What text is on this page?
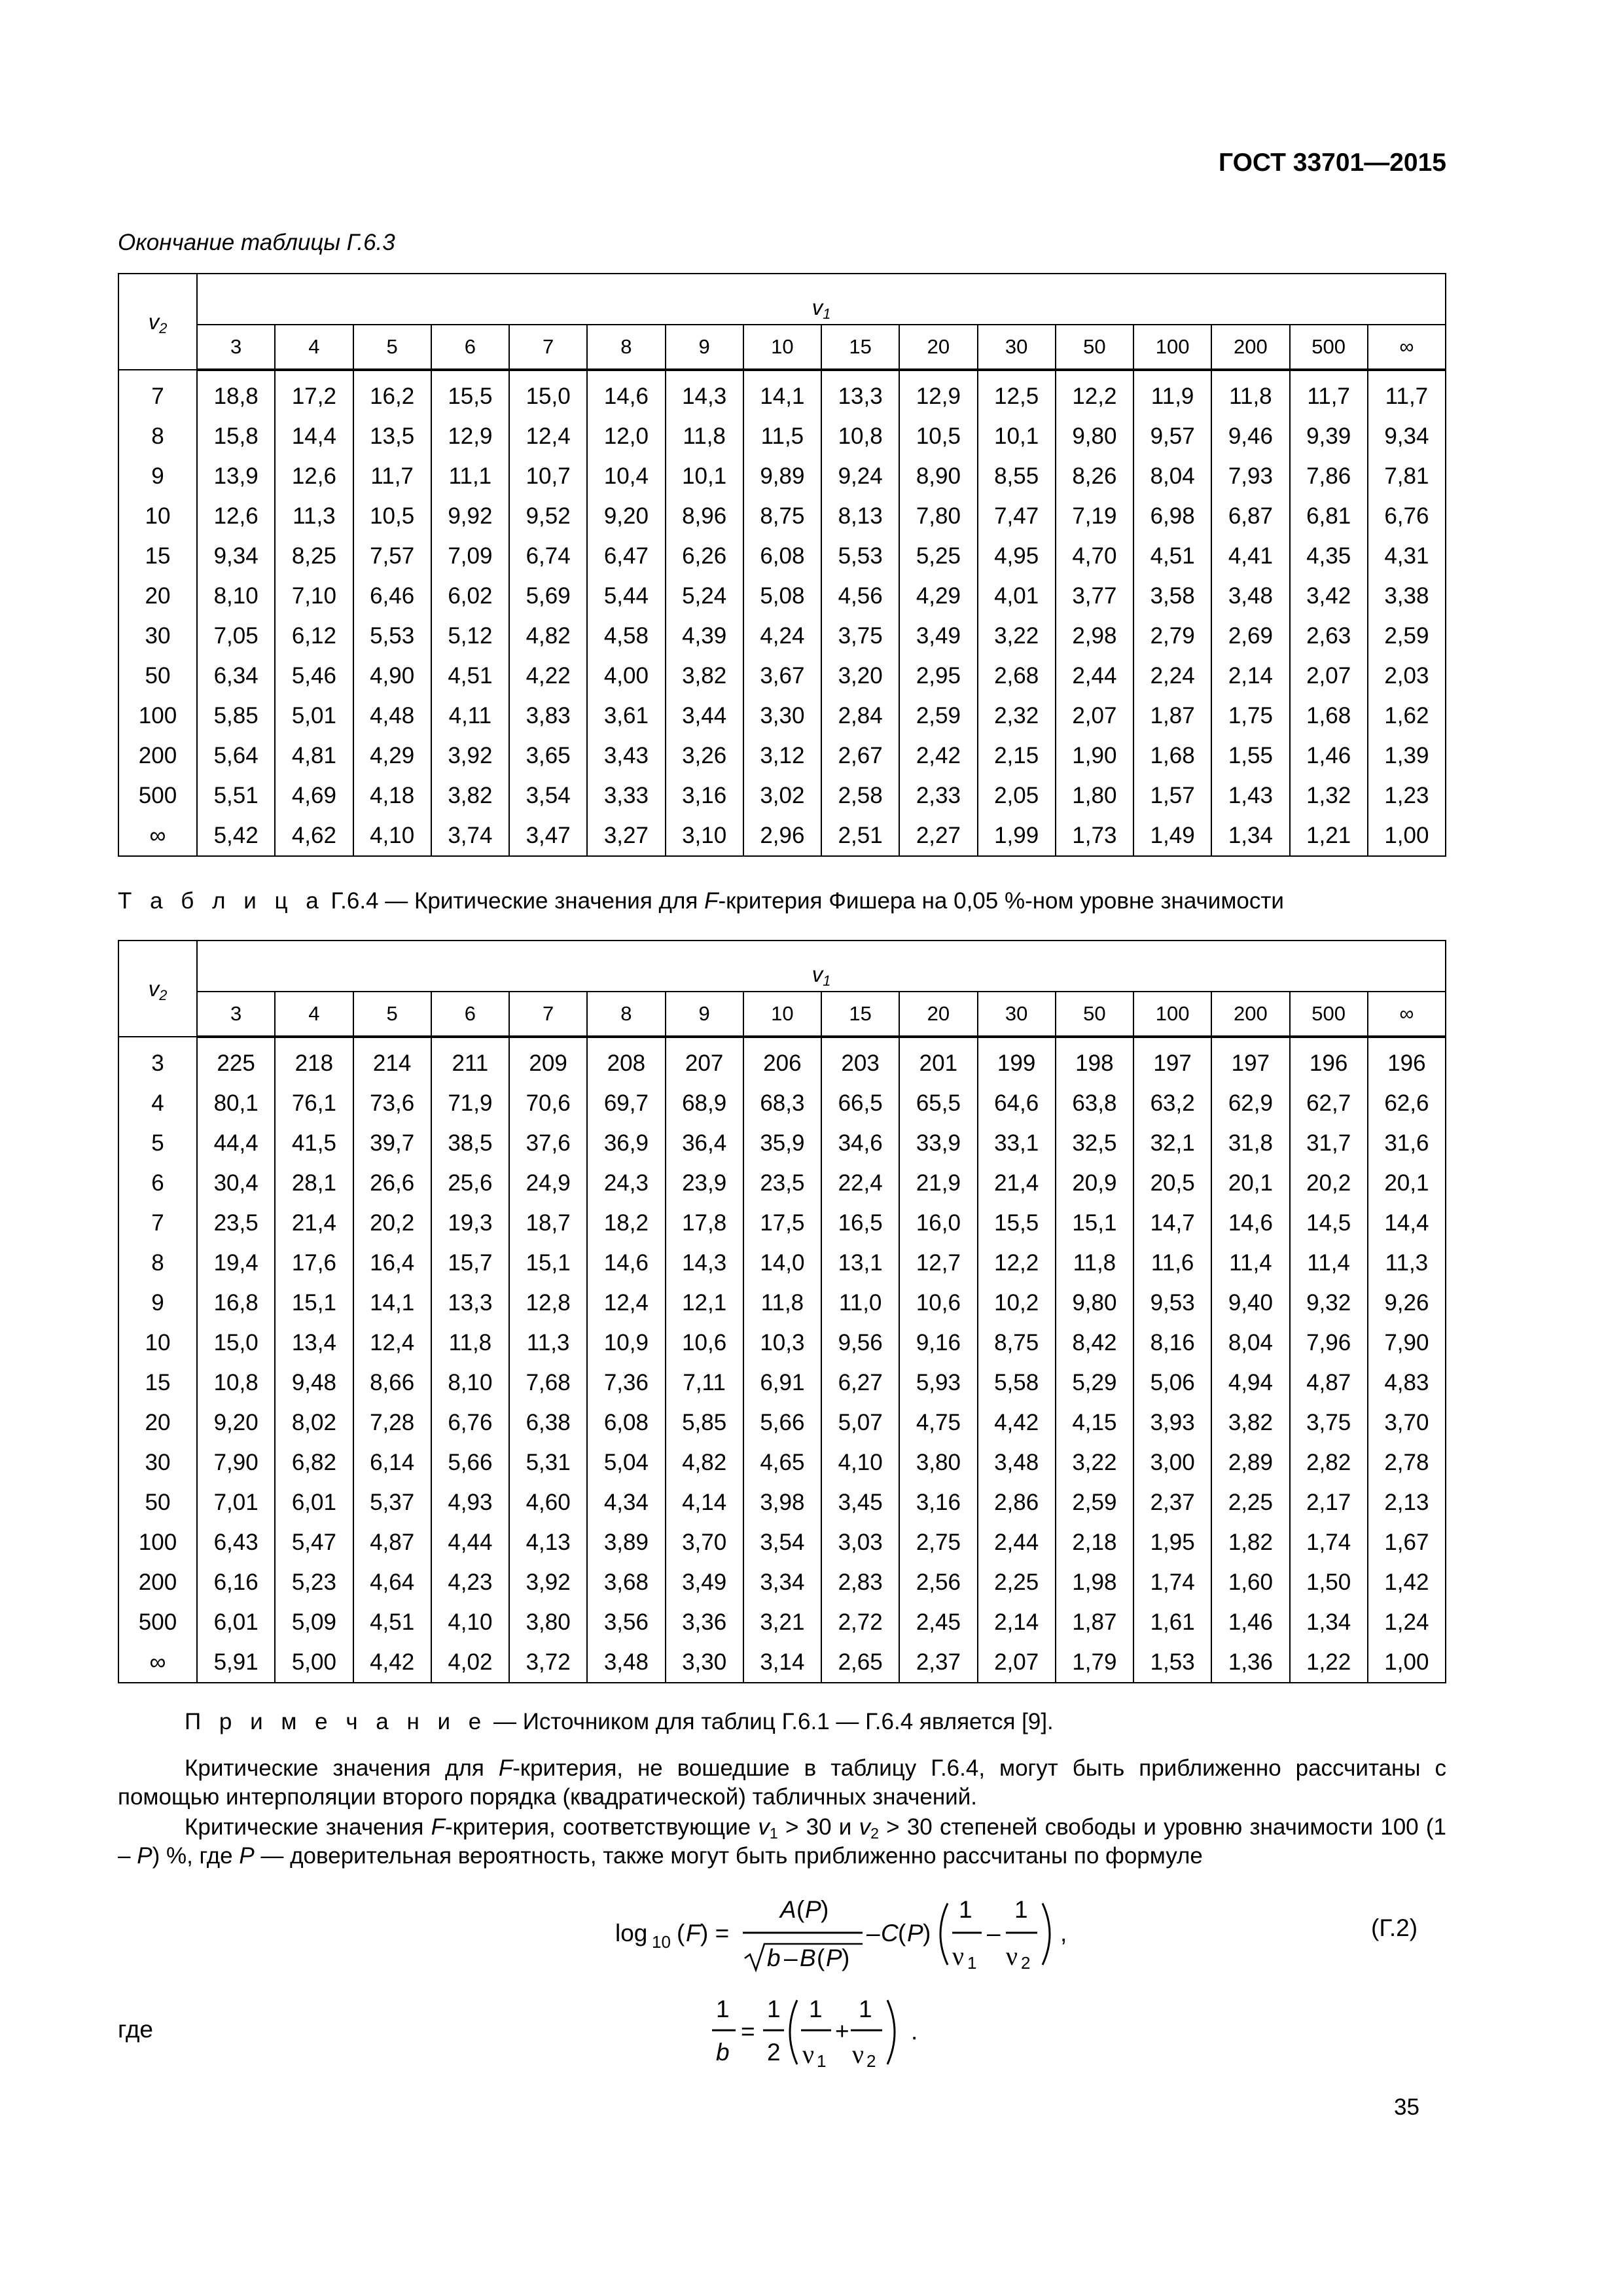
ГОСТ 33701—2015
Окончание таблицы Г.6.3
$v_2$	$v_1$
	3	4	5	6	7	8	9	10	15	20	30	50	100	200	500	∞
7	18,8	17,2	16,2	15,5	15,0	14,6	14,3	14,1	13,3	12,9	12,5	12,2	11,9	11,8	11,7	11,7
8	15,8	14,4	13,5	12,9	12,4	12,0	11,8	11,5	10,8	10,5	10,1	9,80	9,57	9,46	9,39	9,34
9	13,9	12,6	11,7	11,1	10,7	10,4	10,1	9,89	9,24	8,90	8,55	8,26	8,04	7,93	7,86	7,81
10	12,6	11,3	10,5	9,92	9,52	9,20	8,96	8,75	8,13	7,80	7,47	7,19	6,98	6,87	6,81	6,76
15	9,34	8,25	7,57	7,09	6,74	6,47	6,26	6,08	5,53	5,25	4,95	4,70	4,51	4,41	4,35	4,31
20	8,10	7,10	6,46	6,02	5,69	5,44	5,24	5,08	4,56	4,29	4,01	3,77	3,58	3,48	3,42	3,38
30	7,05	6,12	5,53	5,12	4,82	4,58	4,39	4,24	3,75	3,49	3,22	2,98	2,79	2,69	2,63	2,59
50	6,34	5,46	4,90	4,51	4,22	4,00	3,82	3,67	3,20	2,95	2,68	2,44	2,24	2,14	2,07	2,03
100	5,85	5,01	4,48	4,11	3,83	3,61	3,44	3,30	2,84	2,59	2,32	2,07	1,87	1,75	1,68	1,62
200	5,64	4,81	4,29	3,92	3,65	3,43	3,26	3,12	2,67	2,42	2,15	1,90	1,68	1,55	1,46	1,39
500	5,51	4,69	4,18	3,82	3,54	3,33	3,16	3,02	2,58	2,33	2,05	1,80	1,57	1,43	1,32	1,23
∞	5,42	4,62	4,10	3,74	3,47	3,27	3,10	2,96	2,51	2,27	1,99	1,73	1,49	1,34	1,21	1,00
Т а б л и ц а Г.6.4 — Критические значения для F-критерия Фишера на 0,05 %-ном уровне значимости
$v_2$	$v_1$
	3	4	5	6	7	8	9	10	15	20	30	50	100	200	500	∞
3	225	218	214	211	209	208	207	206	203	201	199	198	197	197	196	196
4	80,1	76,1	73,6	71,9	70,6	69,7	68,9	68,3	66,5	65,5	64,6	63,8	63,2	62,9	62,7	62,6
5	44,4	41,5	39,7	38,5	37,6	36,9	36,4	35,9	34,6	33,9	33,1	32,5	32,1	31,8	31,7	31,6
6	30,4	28,1	26,6	25,6	24,9	24,3	23,9	23,5	22,4	21,9	21,4	20,9	20,5	20,1	20,2	20,1
7	23,5	21,4	20,2	19,3	18,7	18,2	17,8	17,5	16,5	16,0	15,5	15,1	14,7	14,6	14,5	14,4
8	19,4	17,6	16,4	15,7	15,1	14,6	14,3	14,0	13,1	12,7	12,2	11,8	11,6	11,4	11,4	11,3
9	16,8	15,1	14,1	13,3	12,8	12,4	12,1	11,8	11,0	10,6	10,2	9,80	9,53	9,40	9,32	9,26
10	15,0	13,4	12,4	11,8	11,3	10,9	10,6	10,3	9,56	9,16	8,75	8,42	8,16	8,04	7,96	7,90
15	10,8	9,48	8,66	8,10	7,68	7,36	7,11	6,91	6,27	5,93	5,58	5,29	5,06	4,94	4,87	4,83
20	9,20	8,02	7,28	6,76	6,38	6,08	5,85	5,66	5,07	4,75	4,42	4,15	3,93	3,82	3,75	3,70
30	7,90	6,82	6,14	5,66	5,31	5,04	4,82	4,65	4,10	3,80	3,48	3,22	3,00	2,89	2,82	2,78
50	7,01	6,01	5,37	4,93	4,60	4,34	4,14	3,98	3,45	3,16	2,86	2,59	2,37	2,25	2,17	2,13
100	6,43	5,47	4,87	4,44	4,13	3,89	3,70	3,54	3,03	2,75	2,44	2,18	1,95	1,82	1,74	1,67
200	6,16	5,23	4,64	4,23	3,92	3,68	3,49	3,34	2,83	2,56	2,25	1,98	1,74	1,60	1,50	1,42
500	6,01	5,09	4,51	4,10	3,80	3,56	3,36	3,21	2,72	2,45	2,14	1,87	1,61	1,46	1,34	1,24
∞	5,91	5,00	4,42	4,02	3,72	3,48	3,30	3,14	2,65	2,37	2,07	1,79	1,53	1,36	1,22	1,00
П р и м е ч а н и е — Источником для таблиц Г.6.1 — Г.6.4 является [9].
Критические значения для F-критерия, не вошедшие в таблицу Г.6.4, могут быть приближенно рассчитаны с помощью интерполяции второго порядка (квадратической) табличных значений.
Критические значения F-критерия, соответствующие $v_1 > 30$ и $v_2 > 30$ степеней свободы и уровню значимости 100 (1 – P) %, где P — доверительная вероятность, также могут быть приближенно рассчитаны по формуле
log 10 ( F ) =
A ( P )
b – B ( P )
– C ( P )
1
ν 1
–
1
ν 2
,	(Г.2)
где
1
b
=
1
2
1
ν 1
+
1
ν 2
.
35
